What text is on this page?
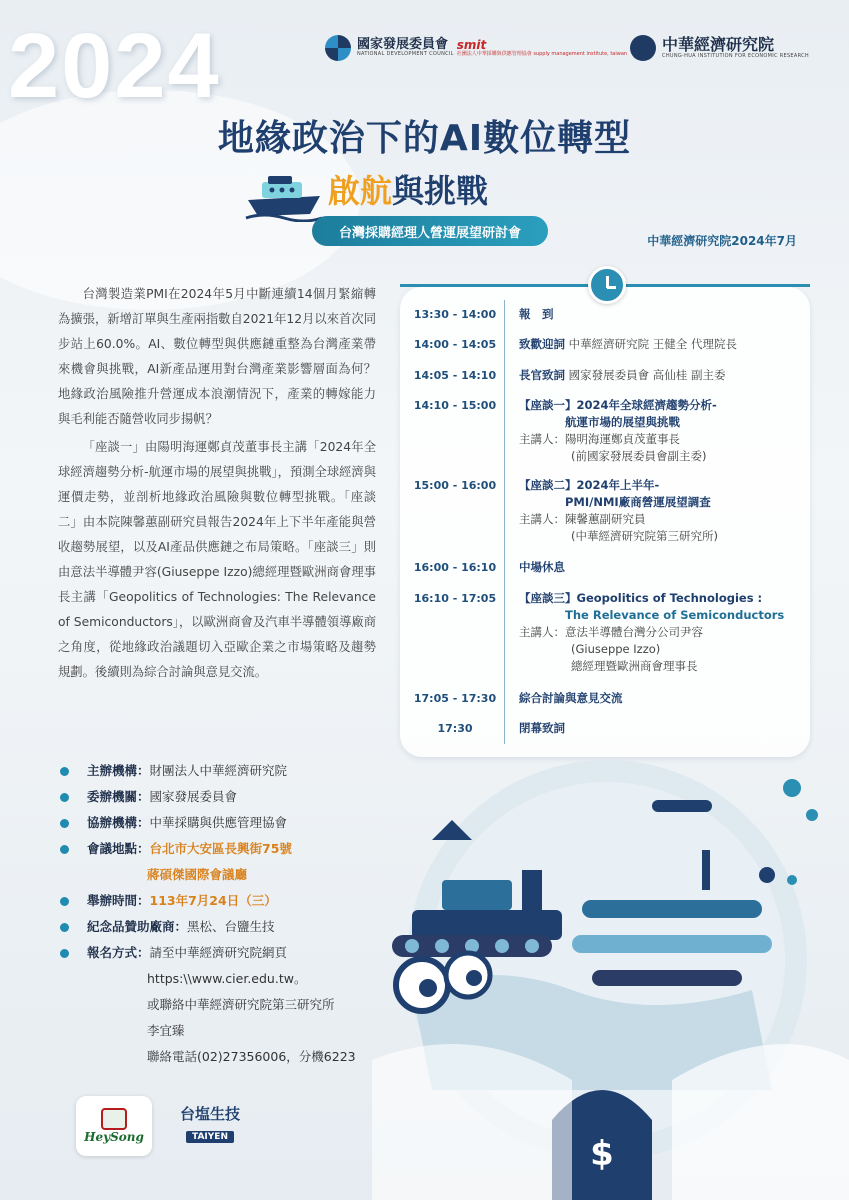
2024	國家發展委員會
NATIONAL DEVELOPMENT COUNCIL
smit
社團法人中華採購與供應管理協會 supply management institute, taiwan 中華經濟研究院
CHUNG-HUA INSTITUTION FOR ECONOMIC RESEARCH
地緣政治下的AI數位轉型
啟航與挑戰
台灣採購經理人營運展望研討會
中華經濟研究院2024年7月

台灣製造業PMI在2024年5月中斷連續14個月緊縮轉為擴張，新增訂單與生產兩指數自2021年12月以來首次同步站上60.0%。AI、數位轉型與供應鏈重整為台灣產業帶來機會與挑戰，AI新產品運用對台灣產業影響層面為何？地緣政治風險推升營運成本浪潮情況下，產業的轉嫁能力與毛利能否隨營收同步揚帆？

「座談一」由陽明海運鄭貞茂董事長主講「2024年全球經濟趨勢分析-航運市場的展望與挑戰」，預測全球經濟與運價走勢，並剖析地緣政治風險與數位轉型挑戰。「座談二」由本院陳馨蕙副研究員報告2024年上下半年產能與營收趨勢展望，以及AI產品供應鏈之布局策略。「座談三」則由意法半導體尹容(Giuseppe Izzo)總經理暨歐洲商會理事長主講「Geopolitics of Technologies: The Relevance of Semiconductors」，以歐洲商會及汽車半導體領導廠商之角度，從地緣政治議題切入亞歐企業之市場策略及趨勢規劃。後續則為綜合討論與意見交流。

13:30 - 14:00	報　到
14:00 - 14:05	致歡迎詞 中華經濟研究院 王健全 代理院長
14:05 - 14:10	長官致詞 國家發展委員會 高仙桂 副主委
14:10 - 15:00	【座談一】2024年全球經濟趨勢分析-
航運市場的展望與挑戰
主講人：陽明海運鄭貞茂董事長
(前國家發展委員會副主委)
15:00 - 16:00	【座談二】2024年上半年-
PMI/NMI廠商營運展望調查
主講人：陳馨蕙副研究員
(中華經濟研究院第三研究所)
16:00 - 16:10	中場休息
16:10 - 17:05	【座談三】Geopolitics of Technologies :
The Relevance of Semiconductors
主講人：意法半導體台灣分公司尹容
(Giuseppe Izzo)
總經理暨歐洲商會理事長
17:05 - 17:30	綜合討論與意見交流
17:30	閉幕致詞
$
主辦機構： 財團法人中華經濟研究院
委辦機關： 國家發展委員會
協辦機構： 中華採購與供應管理協會
會議地點： 台北市大安區長興街75號
蔣碩傑國際會議廳
舉辦時間： 113年7月24日（三）
紀念品贊助廠商： 黑松、台鹽生技
報名方式： 請至中華經濟研究院網頁
https:\\www.cier.edu.tw。
或聯絡中華經濟研究院第三研究所
李宜臻
聯絡電話(02)27356006，分機6223
HeySong
台塩生技
TAIYEN
